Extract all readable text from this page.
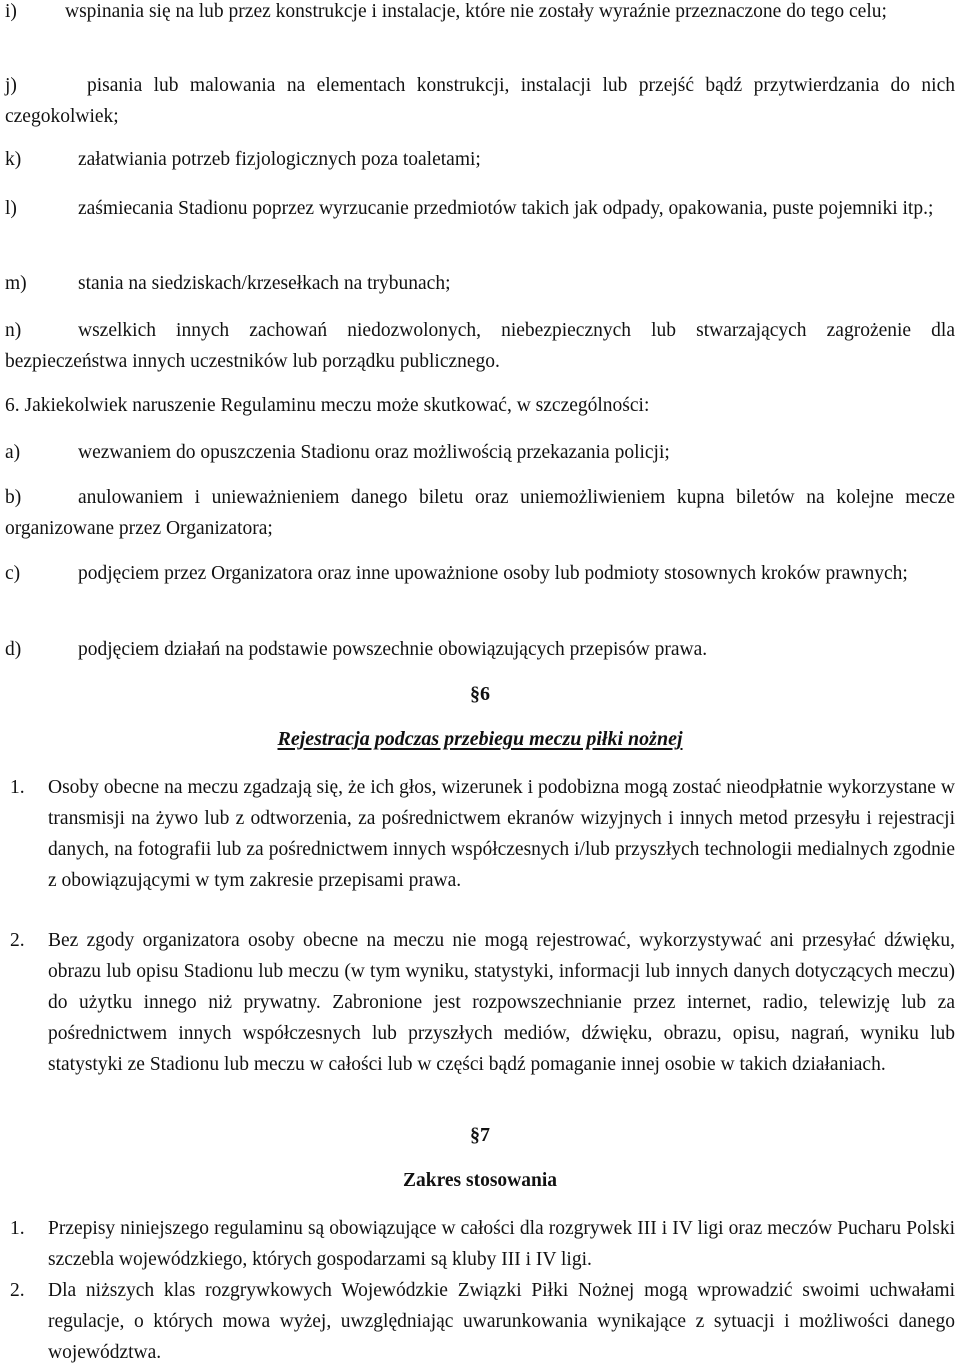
i) wspinania się na lub przez konstrukcje i instalacje, które nie zostały wyraźnie przeznaczone do tego celu;
j)	pisania lub malowania na elementach konstrukcji, instalacji lub przejść bądź przytwierdzania do nich czegokolwiek;
k)	załatwiania potrzeb fizjologicznych poza toaletami;
l)	zaśmiecania Stadionu poprzez wyrzucanie przedmiotów takich jak odpady, opakowania, puste pojemniki itp.;
m)	stania na siedziskach/krzesełkach na trybunach;
n)	wszelkich innych zachowań niedozwolonych, niebezpiecznych lub stwarzających zagrożenie dla bezpieczeństwa innych uczestników lub porządku publicznego.
6. Jakiekolwiek naruszenie Regulaminu meczu może skutkować, w szczególności:
a)	wezwaniem do opuszczenia Stadionu oraz możliwością przekazania policji;
b)	anulowaniem i unieważnieniem danego biletu oraz uniemożliwieniem kupna biletów na kolejne mecze organizowane przez Organizatora;
c)	podjęciem przez Organizatora oraz inne upoważnione osoby lub podmioty stosownych kroków prawnych;
d)	podjęciem działań na podstawie powszechnie obowiązujących przepisów prawa.
§6
Rejestracja podczas przebiegu meczu piłki nożnej
1. Osoby obecne na meczu zgadzają się, że ich głos, wizerunek i podobizna mogą zostać nieodpłatnie wykorzystane w transmisji na żywo lub z odtworzenia, za pośrednictwem ekranów wizyjnych i innych metod przesyłu i rejestracji danych, na fotografii lub za pośrednictwem innych współczesnych i/lub przyszłych technologii medialnych zgodnie z obowiązującymi w tym zakresie przepisami prawa.
2. Bez zgody organizatora osoby obecne na meczu nie mogą rejestrować, wykorzystywać ani przesyłać dźwięku, obrazu lub opisu Stadionu lub meczu (w tym wyniku, statystyki, informacji lub innych danych dotyczących meczu) do użytku innego niż prywatny. Zabronione jest rozpowszechnianie przez internet, radio, telewizję lub za pośrednictwem innych współczesnych lub przyszłych mediów, dźwięku, obrazu, opisu, nagrań, wyniku lub statystyki ze Stadionu lub meczu w całości lub w części bądź pomaganie innej osobie w takich działaniach.
§7
Zakres stosowania
1. Przepisy niniejszego regulaminu są obowiązujące w całości dla rozgrywek III i IV ligi oraz meczów Pucharu Polski szczebla wojewódzkiego, których gospodarzami są kluby III i IV ligi.
2. Dla niższych klas rozgrywkowych Wojewódzkie Związki Piłki Nożnej mogą wprowadzić swoimi uchwałami regulacje, o których mowa wyżej, uwzględniając uwarunkowania wynikające z sytuacji i możliwości danego województwa.
